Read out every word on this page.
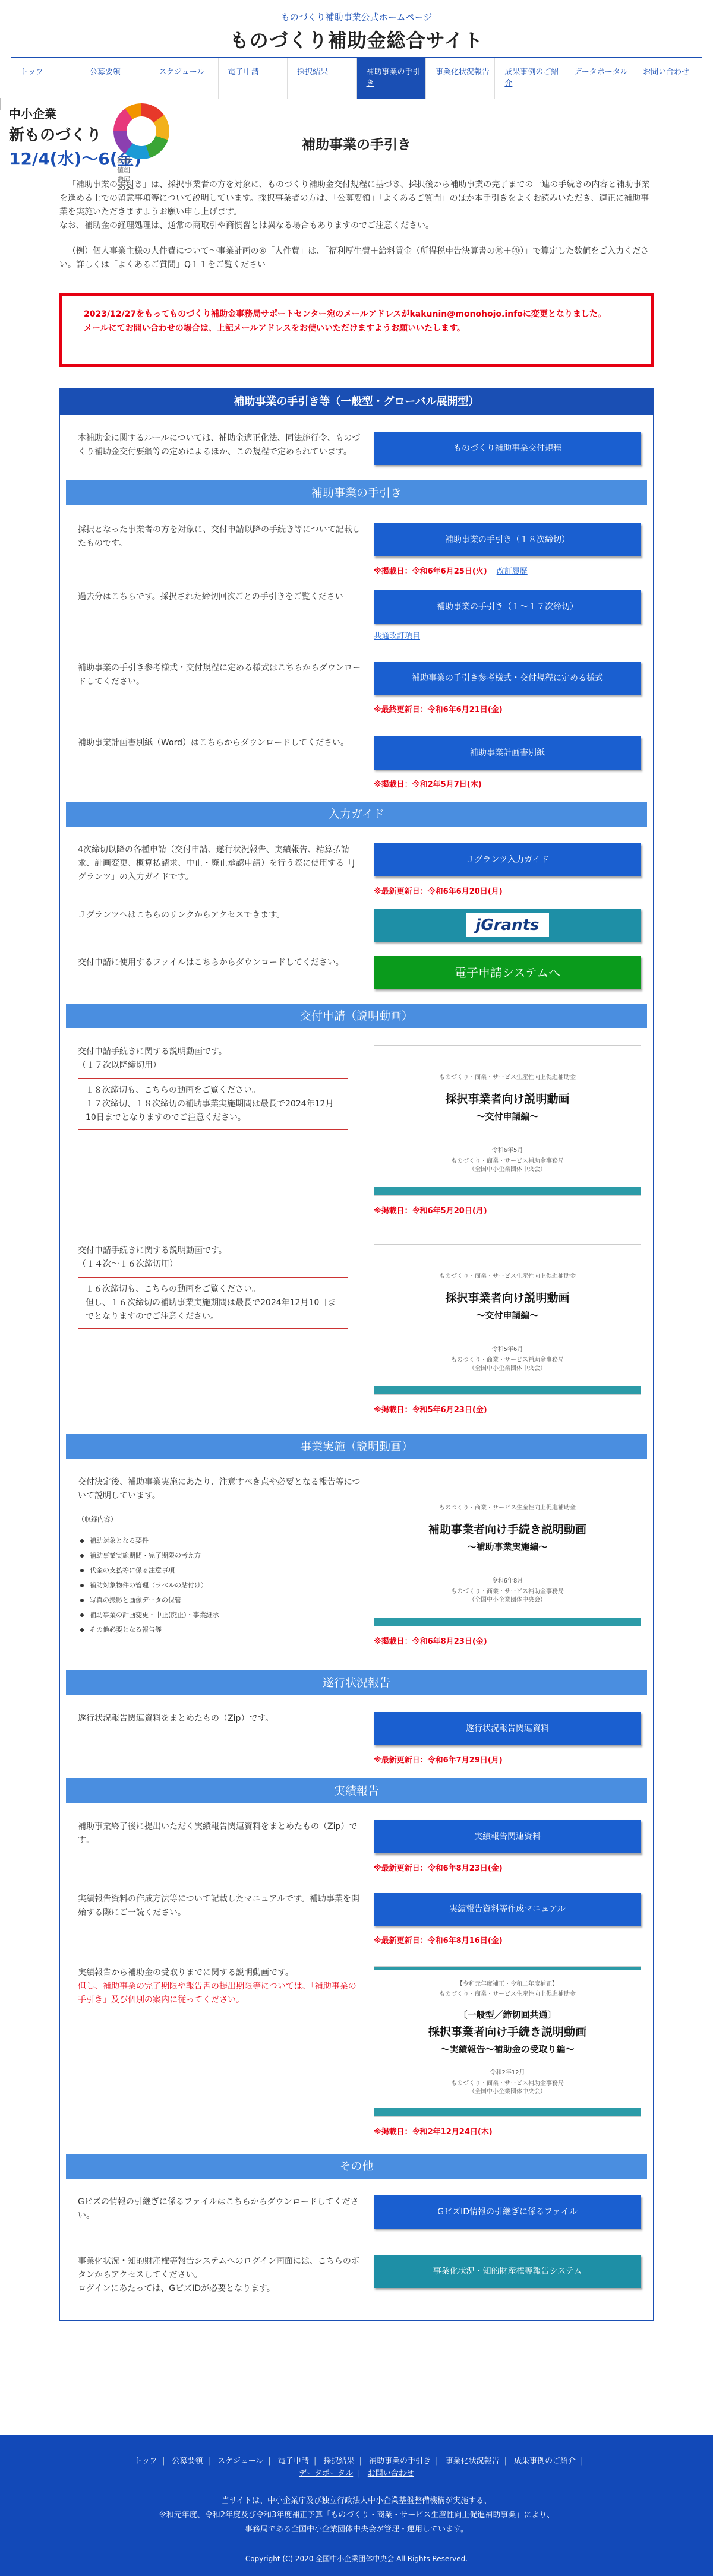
ものづくり補助事業公式ホームページ
ものづくり補助金総合サイト
トップ	公募要領	スケジュール	電子申請	採択結果	補助事業の手引き
事業化状況報告	成果事例のご紹介
データポータル	お問い合わせ
補助事業の手引き

「補助事業の手引き」は、採択事業者の方を対象に、ものづくり補助金交付規程に基づき、採択後から補助事業の完了までの一連の手続きの内容と補助事業を進める上での留意事項等について説明しています。採択事業者の方は、「公募要領」「よくあるご質問」のほか本手引きをよくお読みいただき、適正に補助事業を実施いただきますようお願い申し上げます。
なお、補助金の経理処理は、通常の商取引や商慣習とは異なる場合もありますのでご注意ください。

（例）個人事業主様の人件費について〜事業計画の④「人件費」は、「福利厚生費＋給料賃金（所得税申告決算書の⑮＋⑳）」で算定した数値をご入力ください。詳しくは「よくあるご質問」Q１１をご覧ください

2023/12/27をもってものづくり補助金事務局サポートセンター宛のメールアドレスがkakunin@monohojo.infoに変更となりました。
メールにてお問い合わせの場合は、上記メールアドレスをお使いいただけますようお願いいたします。
補助事業の手引き等（一般型・グローバル展開型）
本補助金に関するルールについては、補助金適正化法、同法施行令、ものづくり補助金交付要綱等の定めによるほか、この規程で定められています。	ものづくり補助事業交付規程
補助事業の手引き
採択となった事業者の方を対象に、交付申請以降の手続き等について記載したものです。	補助事業の手引き（１８次締切）
※掲載日：令和6年6月25日(火) 改訂履歴
過去分はこちらです。採択された締切回次ごとの手引きをご覧ください
補助事業の手引き（１〜１７次締切）
共通改訂項目
補助事業の手引き参考様式・交付規程に定める様式はこちらからダウンロードしてください。	補助事業の手引き参考様式・交付規程に定める様式
※最終更新日：令和6年6月21日(金)
補助事業計画書別紙（Word）はこちらからダウンロードしてください。
補助事業計画書別紙
※掲載日：令和2年5月7日(木)
入力ガイド
4次締切以降の各種申請（交付申請、遂行状況報告、実績報告、精算払請求、計画変更、概算払請求、中止・廃止承認申請）を行う際に使用する「Jグランツ」の入力ガイドです。
Ｊグランツ入力ガイド
※最新更新日：令和6年6月20日(月)
Ｊグランツへはこちらのリンクからアクセスできます。
jGrants
交付申請に使用するファイルはこちらからダウンロードしてください。
電子申請システムへ
交付申請（説明動画）
交付申請手続きに関する説明動画です。
（１７次以降締切用）
１８次締切も、こちらの動画をご覧ください。
１７次締切、１８次締切の補助事業実施期間は最長で2024年12月10日までとなりますのでご注意ください。
ものづくり・商業・サービス生産性向上促進補助金
採択事業者向け説明動画
～交付申請編～
令和6年5月
ものづくり・商業・サービス補助金事務局
（全国中小企業団体中央会）
※掲載日：令和6年5月20日(月)
交付申請手続きに関する説明動画です。
（１４次〜１６次締切用）
１６次締切も、こちらの動画をご覧ください。
但し、１６次締切の補助事業実施期間は最長で2024年12月10日までとなりますのでご注意ください。
ものづくり・商業・サービス生産性向上促進補助金
採択事業者向け説明動画
～交付申請編～
令和5年6月
ものづくり・商業・サービス補助金事務局
（全国中小企業団体中央会）
※掲載日：令和5年6月23日(金)
事業実施（説明動画）
交付決定後、補助事業実施にあたり、注意すべき点や必要となる報告等について説明しています。
（収録内容）
補助対象となる要件
補助事業実施期間・完了期限の考え方
代金の支払等に係る注意事項
補助対象物件の管理（ラベルの貼付け）
写真の撮影と画像データの保管
補助事業の計画変更・中止(廃止)・事業継承
その他必要となる報告等
ものづくり・商業・サービス生産性向上促進補助金
補助事業者向け手続き説明動画
～補助事業実施編～
令和6年8月
ものづくり・商業・サービス補助金事務局
（全国中小企業団体中央会）
※掲載日：令和6年8月23日(金)
遂行状況報告
遂行状況報告関連資料をまとめたもの（Zip）です。
遂行状況報告関連資料
※最新更新日：令和6年7月29日(月)
実績報告
補助事業終了後に提出いただく実績報告関連資料をまとめたもの（Zip）です。	実績報告関連資料
※最新更新日：令和6年8月23日(金)
実績報告資料の作成方法等について記載したマニュアルです。補助事業を開始する際にご一読ください。	実績報告資料等作成マニュアル
※最新更新日：令和6年8月16日(金)
実績報告から補助金の受取りまでに関する説明動画です。
但し、補助事業の完了期限や報告書の提出期限等については、「補助事業の手引き」及び個別の案内に従ってください。
【令和元年度補正・令和二年度補正】
ものづくり・商業・サービス生産性向上促進補助金
〔一般型／締切回共通〕
採択事業者向け手続き説明動画
～実績報告～補助金の受取り編～
令和2年12月
ものづくり・商業・サービス補助金事務局
（全国中小企業団体中央会）
※掲載日：令和2年12月24日(木)
その他
Gビズの情報の引継ぎに係るファイルはこちらからダウンロードしてください。	GビズID情報の引継ぎに係るファイル
事業化状況・知的財産権等報告システムへのログイン画面には、こちらのボタンからアクセスしてください。
ログインにあたっては、GビズIDが必要となります。
事業化状況・知的財産権等報告システム
トップ | 公募要領 | スケジュール | 電子申請 | 採択結果 | 補助事業の手引き | 事業化状況報告 | 成果事例のご紹介 |
データポータル | お問い合わせ
当サイトは、中小企業庁及び独立行政法人中小企業基盤整備機構が実施する、
令和元年度、令和2年度及び令和3年度補正予算「ものづくり・商業・サービス生産性向上促進補助事業」により、
事務局である全国中小企業団体中央会が管理・運用しています。
Copyright (C) 2020 全国中小企業団体中央会 All Rights Reserved.
